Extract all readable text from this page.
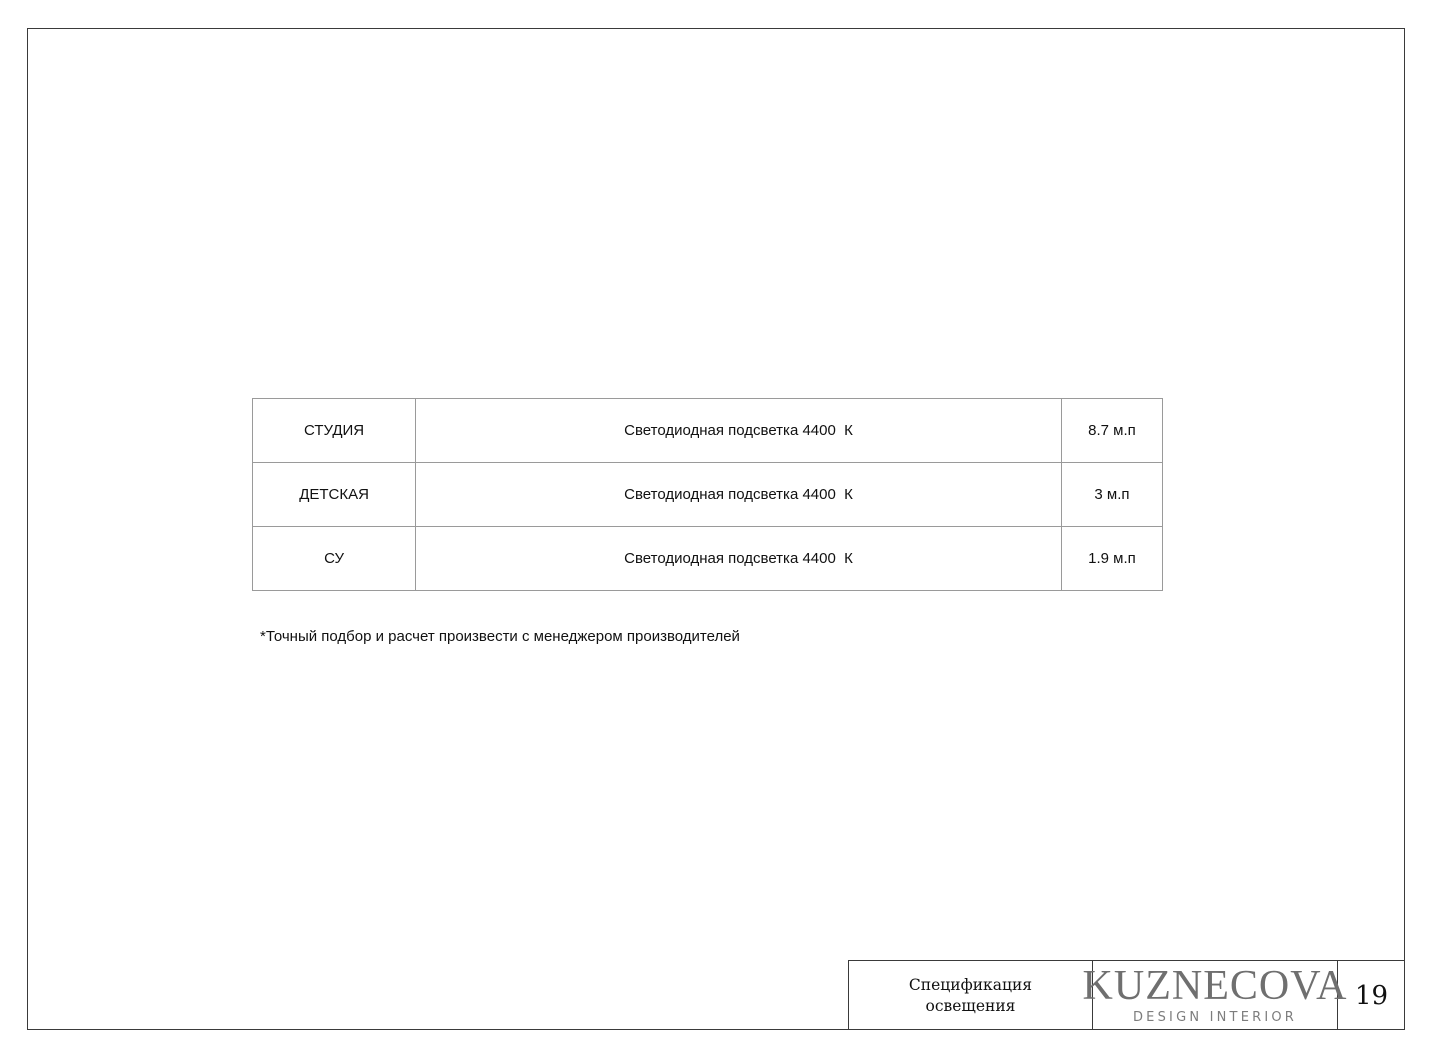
СТУДИЯ	Светодиодная подсветка 4400  К	8.7 м.п
ДЕТСКАЯ	Светодиодная подсветка 4400  К	3 м.п
СУ	Светодиодная подсветка 4400  К	1.9 м.п
*Точный подбор и расчет произвести с менеджером производителей
Спецификация
освещения	KUZNECOVA
DESIGN INTERIOR
19
